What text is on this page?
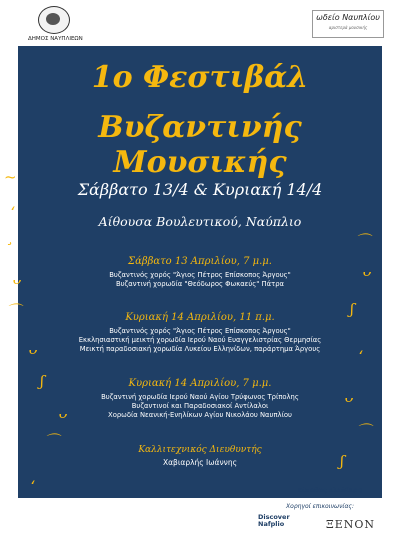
ΔΗΜΟΣ ΝΑΥΠΛΙΕΩΝ
ωδείο Ναυπλίου
αριστερά μουσικής
1ο Φεστιβάλ
Βυζαντινής Μουσικής
Σάββατο 13/4 & Κυριακή 14/4
Αίθουσα Βουλευτικού, Ναύπλιο
Σάββατο 13 Απριλίου, 7 μ.μ.
Βυζαντινός χορός "Άγιος Πέτρος Επίσκοπος Άργους"
Βυζαντινή χορωδία "Θεόδωρος Φωκαεύς" Πάτρα
Κυριακή 14 Απριλίου, 11 π.μ.
Βυζαντινός χορός "Άγιος Πέτρος Επίσκοπος Άργους"
Εκκλησιαστική μεικτή χορωδία Ιερού Ναού Ευαγγελιστρίας Θερμησίας
Μεικτή παραδοσιακή χορωδία Λυκείου Ελληνίδων, παράρτημα Άργους
Κυριακή 14 Απριλίου, 7 μ.μ.
Βυζαντινή χορωδία Ιερού Ναού Αγίου Τρύφωνος Τρίπολης
Βυζαντινοί και Παραδοσιακοί Αντίλαλοι
Χορωδία Νεανική-Ενηλίκων Αγίου Νικολάου Ναυπλίου
Καλλιτεχνικός Διευθυντής
Χαβιαρλής Ιωάννης
Είσοδος ελεύθερη
Χορηγοί επικοινωνίας:
Discover Nafplio	ΞΕΝΟΝ
~
،
¸
ᴗ
⌒
ᴗ
ʃ
ᴗ
⌒
،
⌒
ᴗ
ʃ
،
ᴗ
⌒
ʃ
